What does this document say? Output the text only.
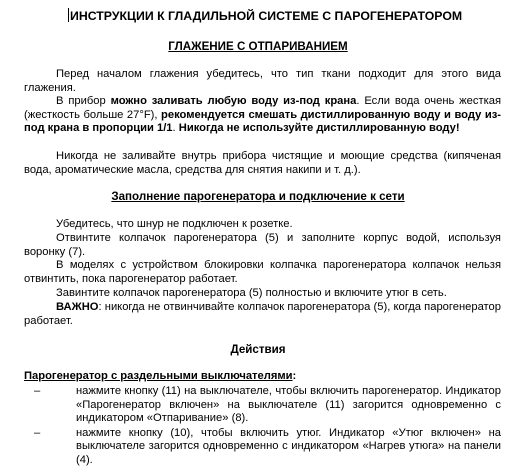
ИНСТРУКЦИИ К ГЛАДИЛЬНОЙ СИСТЕМЕ С ПАРОГЕНЕРАТОРОМ
ГЛАЖЕНИЕ С ОТПАРИВАНИЕМ
Перед началом глажения убедитесь, что тип ткани подходит для этого вида глажения.
В прибор можно заливать любую воду из-под крана. Если вода очень жесткая (жесткость больше 27°F), рекомендуется смешать дистиллированную воду и воду из-под крана в пропорции 1/1. Никогда не используйте дистиллированную воду!
Никогда не заливайте внутрь прибора чистящие и моющие средства (кипяченая вода, ароматические масла, средства для снятия накипи и т. д.).
Заполнение парогенератора и подключение к сети
Убедитесь, что шнур не подключен к розетке.
Отвинтите колпачок парогенератора (5) и заполните корпус водой, используя воронку (7).
В моделях с устройством блокировки колпачка парогенератора колпачок нельзя отвинтить, пока парогенератор работает.
Завинтите колпачок парогенератора (5) полностью и включите утюг в сеть.
ВАЖНО: никогда не отвинчивайте колпачок парогенератора (5), когда парогенератор работает.
Действия
Парогенератор с раздельными выключателями:
–	нажмите кнопку (11) на выключателе, чтобы включить парогенератор. Индикатор «Парогенератор включен» на выключателе (11) загорится одновременно с индикатором «Отпаривание» (8).
–	нажмите кнопку (10), чтобы включить утюг. Индикатор «Утюг включен» на выключателе загорится одновременно с индикатором «Нагрев утюга» на панели (4).
